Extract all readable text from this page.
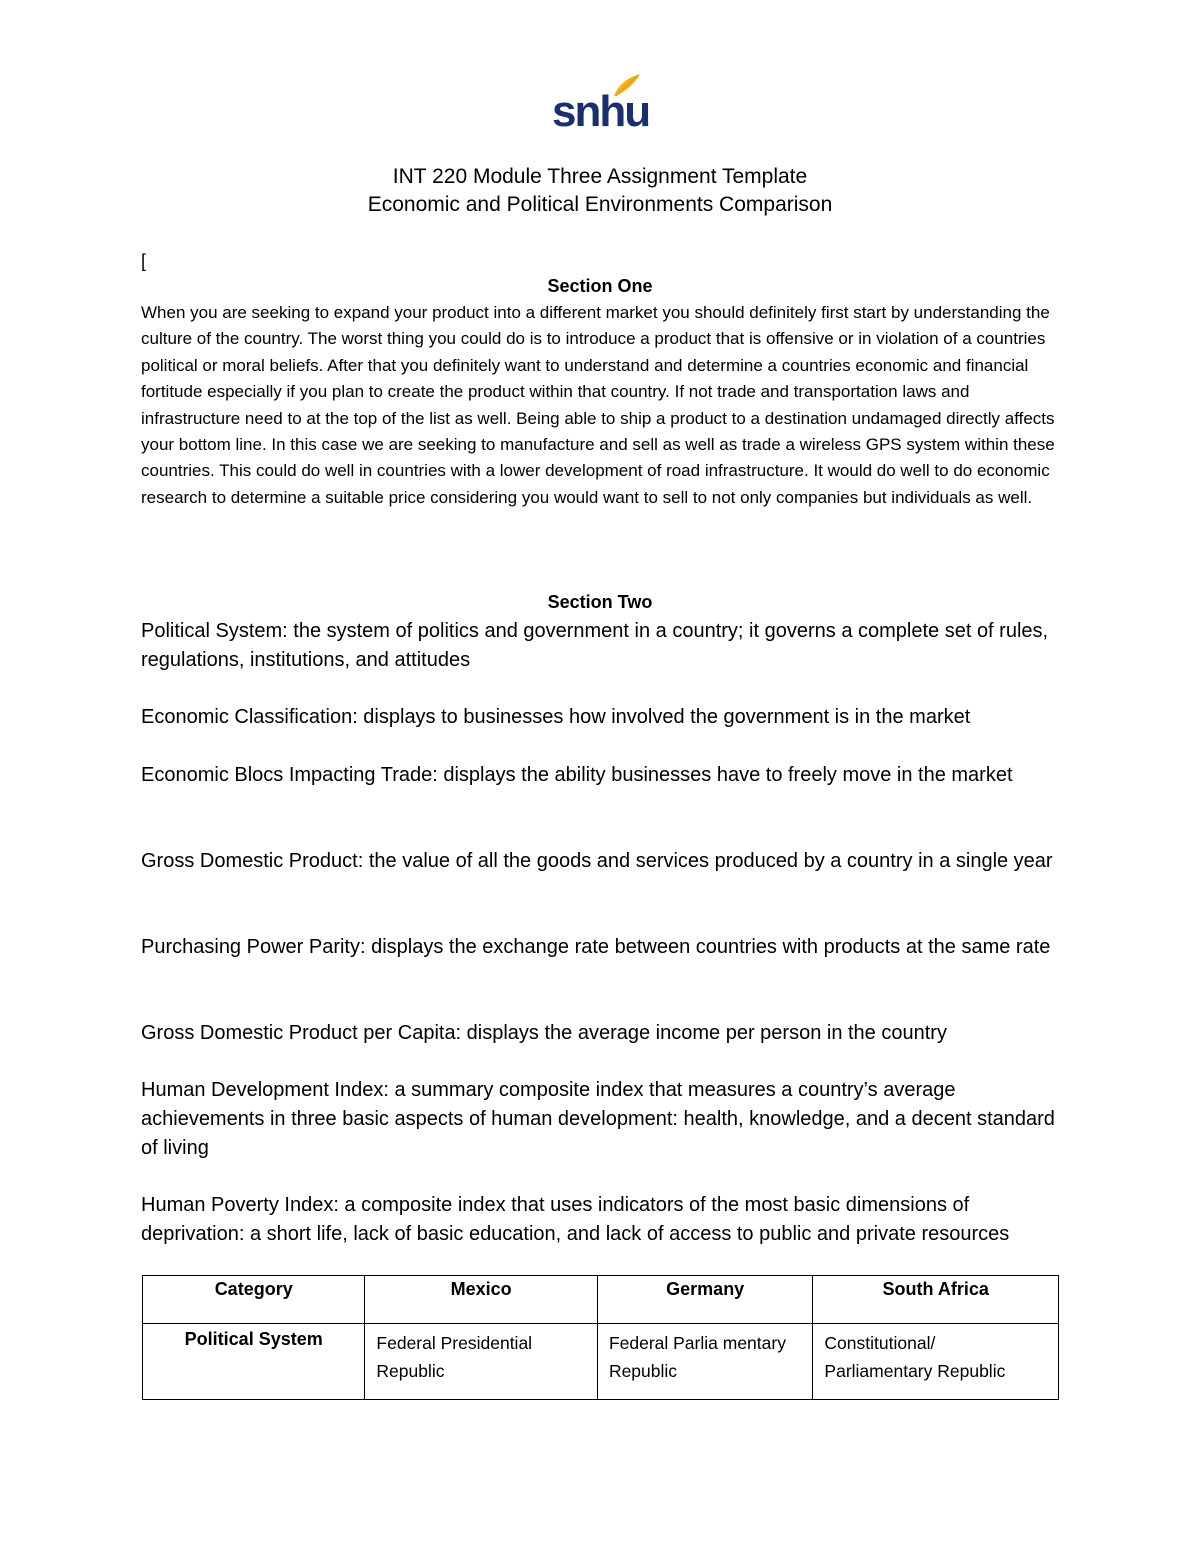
snhu
INT 220 Module Three Assignment Template
Economic and Political Environments Comparison
[
Section One
When you are seeking to expand your product into a different market you should definitely first start by understanding the culture of the country. The worst thing you could do is to introduce a product that is offensive or in violation of a countries political or moral beliefs. After that you definitely want to understand and determine a countries economic and financial fortitude especially if you plan to create the product within that country. If not trade and transportation laws and infrastructure need to at the top of the list as well. Being able to ship a product to a destination undamaged directly affects your bottom line. In this case we are seeking to manufacture and sell as well as trade a wireless GPS system within these countries. This could do well in countries with a lower development of road infrastructure. It would do well to do economic research to determine a suitable price considering you would want to sell to not only companies but individuals as well.
Section Two
Political System: the system of politics and government in a country; it governs a complete set of rules, regulations, institutions, and attitudes
Economic Classification: displays to businesses how involved the government is in the market
Economic Blocs Impacting Trade: displays the ability businesses have to freely move in the market
Gross Domestic Product: the value of all the goods and services produced by a country in a single year
Purchasing Power Parity: displays the exchange rate between countries with products at the same rate
Gross Domestic Product per Capita: displays the average income per person in the country
Human Development Index: a summary composite index that measures a country’s average achievements in three basic aspects of human development: health, knowledge, and a decent standard of living
Human Poverty Index: a composite index that uses indicators of the most basic dimensions of deprivation: a short life, lack of basic education, and lack of access to public and private resources
Category	Mexico	Germany	South Africa
Political System	Federal Presidential Republic	Federal Parlia mentary Republic	Constitutional/ Parliamentary Republic
